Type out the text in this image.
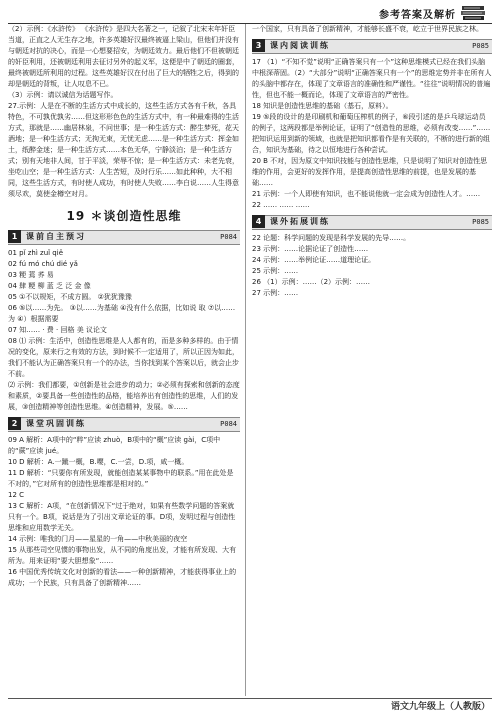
参考答案及解析

（2）示例：《水浒传》 《水浒传》是四大名著之一，记叙了北宋末年奸臣当道，正直之人无生存之地，许多英雄好汉最终被逼上梁山，但他们并没有与朝廷对抗的决心，而是一心想要招安，为朝廷效力。最后他们不但被朝廷的奸臣利用，还被朝廷利用去征讨另外的起义军，这便是中了朝廷的圈套，最终被朝廷所利用的过程。这些英雄好汉在付出了巨大的牺牲之后，得到的却是朝廷的背叛，让人叹息不已。

（3）示例：请以诚信为话题写作。

27.示例：人是在不断的生活方式中成长的，这些生活方式各有千秋，各具特色，不可孰优孰劣……但这形形色色的生活方式中，有一种最难得的生活方式，那就是……幽居林泉，不问世事；是一种生活方式：醉生梦死，花天酒地；是一种生活方式；无拘无束，无忧无虑……是一种生活方式：挥金如土，纸醉金迷；是一种生活方式……本色无华，宁静淡泊；是一种生活方式；别有天地非人间，甘于平淡，荣辱不惊；是一种生活方式：未老先衰，坐吃山空；是一种生活方式：人生苦短，及时行乐……如此种种，大不相同，这些生活方式，有时使人成功，有时使人失败……李白说……人生得意须尽欢，莫使金樽空对月。

19 ＊谈创造性思维
1	课前自主预习	P084

01 pǐ zhì zuǐ qiě

02 fú mó chú dié yǎ

03 粳 蔫 荞 易

04 肆 粳 柳 蓝 乏 泛 金 像

05 ①不以规矩，不成方圆。 ②犹犹豫豫

06 ⑤以……为先。 ③以……为基础 ④没有什么依据，比如说 取 ⑦以……为 ④）根据需要

07 知…… · 费 · 回格 美 议论文

08 ⑴ 示例：生活中，创造性思维是人人都有的，而是多种多样的。由于情况的变化，原来行之有效的方法，到时候不一定适用了，所以正因为如此，我们不能认为正确答案只有一个的办法，当你找到某个答案以后，就会止步不前。

⑵ 示例：我们都要，①创新是社会进步的动力；②必须有探索和创新的态度和素质，②要具备一些创造性的品格，能培养出有创造性的思维，人们的发展，③创造精神等创造性思维。④创造精神，发展。⑤……

2	课堂巩固训练	P084

09 A 解析：A项中的“粹”应读 zhuò，B项中的“概”应读 gài，C项中的“蕨”应读 jué。

10 D 解析：A.一蹴一概，B.嘤，C.一尝，D.项，咸一概。

11 D 解析：“只要你有所发现，就能创造某某事物中的联系。”用在此处是不对的，”它对所有的创造性思维都是相对的。”

12 C

13 C 解析：A项，“在创新情况下“过于绝对，如果有些数学问题的答案就只有一个。B项，说话是为了引出文章论证的事。D项，发明过程与创造性思维和应用数学无关。

14 示例：唯我的门月——星星的一角——中秋美丽的夜空

15 从那些司空见惯的事物出发，从不同的角度出发，才能有所发现、大有所为。用来证明“要大胆想象“……

16 中国优秀传统文化对创新的看法——一种创新精神，才能获得事业上的成功；一个民族，只有具备了创新精神……

一个国家，只有具备了创新精神，才能够长盛不衰，屹立于世界民族之林。

3	课内阅读训练	P085

17 （1）“不知不觉”说明“正确答案只有一个”这种思维模式已经在我们头脑中根深蒂固。（2）“大部分”说明“正确答案只有一个”的思维定势并非在所有人的头脑中都存在，体现了文章语言的准确性和严谨性。“往往”说明情况的普遍性，但也不能一概而论，体现了文章语言的严密性。

18 知识是创造性思维的基础（基石，原料）。

19 ⑤段的设计的是印刷机和葡萄压榨机的例子，⑥段引述的是乒乓球运动员的例子，这两段都是举例论证，证明了“创造性的思维，必须有改变……”……把知识运用到新的领域，也就是把知识都看作是有关联的，不断的进行新的组合，知识为基础，待之以恒地进行各种尝试。

20 B 不对，因为原文中知识技能与创造性思维，只是说明了知识对创造性思维的作用，会更好的发挥作用，是提高创造性思维的前提，也是发展的基础……

21 示例：一个人即使有知识，也不能说他就一定会成为创造性人才。……

22 …… …… ……

4	课外拓展训练	P085

22 论题：科学问题的发现是科学发展的先导……。

23 示例：……论据论证了创造性……

24 示例：……举例论证……道理论证。

25 示例：……

26 （1）示例：……（2）示例：……

27 示例：……

语文九年级上（人教版）
